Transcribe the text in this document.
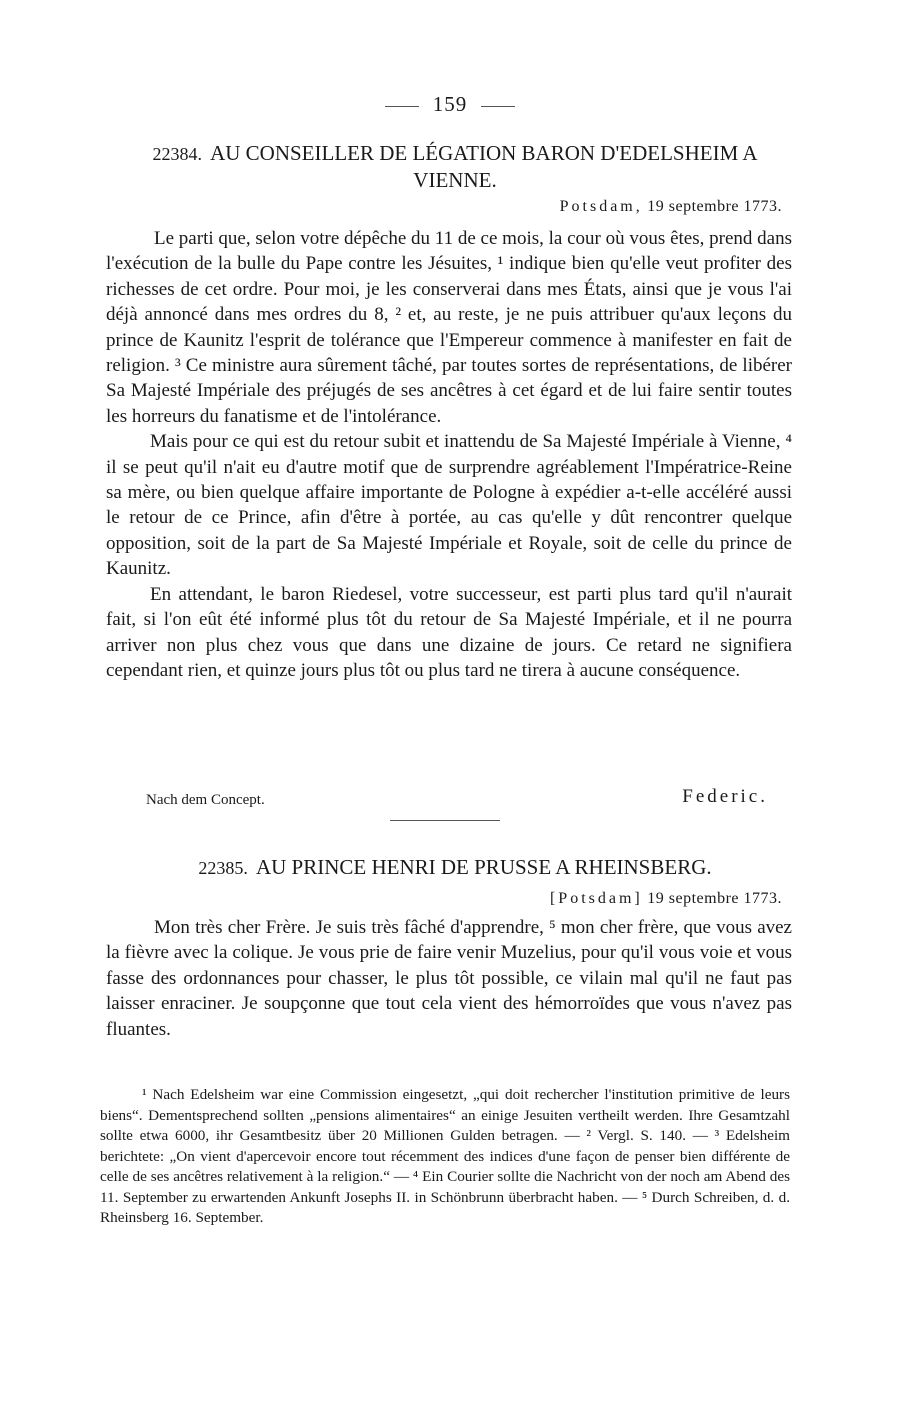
159
22384. AU CONSEILLER DE LÉGATION BARON D'EDELSHEIM A VIENNE.
Potsdam, 19 septembre 1773.

Le parti que, selon votre dépêche du 11 de ce mois, la cour où vous êtes, prend dans l'exécution de la bulle du Pape contre les Jésuites, ¹ indique bien qu'elle veut profiter des richesses de cet ordre. Pour moi, je les conserverai dans mes États, ainsi que je vous l'ai déjà annoncé dans mes ordres du 8, ² et, au reste, je ne puis attribuer qu'aux leçons du prince de Kaunitz l'esprit de tolérance que l'Empereur commence à manifester en fait de religion. ³ Ce ministre aura sûrement tâché, par toutes sortes de représentations, de libérer Sa Majesté Impériale des préjugés de ses ancêtres à cet égard et de lui faire sentir toutes les horreurs du fanatisme et de l'intolérance.

Mais pour ce qui est du retour subit et inattendu de Sa Majesté Impériale à Vienne, ⁴ il se peut qu'il n'ait eu d'autre motif que de surprendre agréablement l'Impératrice-Reine sa mère, ou bien quelque affaire importante de Pologne à expédier a-t-elle accéléré aussi le retour de ce Prince, afin d'être à portée, au cas qu'elle y dût rencontrer quelque opposition, soit de la part de Sa Majesté Impériale et Royale, soit de celle du prince de Kaunitz.

En attendant, le baron Riedesel, votre successeur, est parti plus tard qu'il n'aurait fait, si l'on eût été informé plus tôt du retour de Sa Majesté Impériale, et il ne pourra arriver non plus chez vous que dans une dizaine de jours. Ce retard ne signifiera cependant rien, et quinze jours plus tôt ou plus tard ne tirera à aucune conséquence.

Nach dem Concept.	Federic.
22385. AU PRINCE HENRI DE PRUSSE A RHEINSBERG.
[Potsdam] 19 septembre 1773.

Mon très cher Frère. Je suis très fâché d'apprendre, ⁵ mon cher frère, que vous avez la fièvre avec la colique. Je vous prie de faire venir Muzelius, pour qu'il vous voie et vous fasse des ordonnances pour chasser, le plus tôt possible, ce vilain mal qu'il ne faut pas laisser enraciner. Je soupçonne que tout cela vient des hémorroïdes que vous n'avez pas fluantes.

¹ Nach Edelsheim war eine Commission eingesetzt, „qui doit rechercher l'institution primitive de leurs biens“. Dementsprechend sollten „pensions alimentaires“ an einige Jesuiten vertheilt werden. Ihre Gesamtzahl sollte etwa 6000, ihr Gesamtbesitz über 20 Millionen Gulden betragen. — ² Vergl. S. 140. — ³ Edelsheim berichtete: „On vient d'apercevoir encore tout récemment des indices d'une façon de penser bien différente de celle de ses ancêtres relativement à la religion.“ — ⁴ Ein Courier sollte die Nachricht von der noch am Abend des 11. September zu erwartenden Ankunft Josephs II. in Schönbrunn überbracht haben. — ⁵ Durch Schreiben, d. d. Rheinsberg 16. September.
